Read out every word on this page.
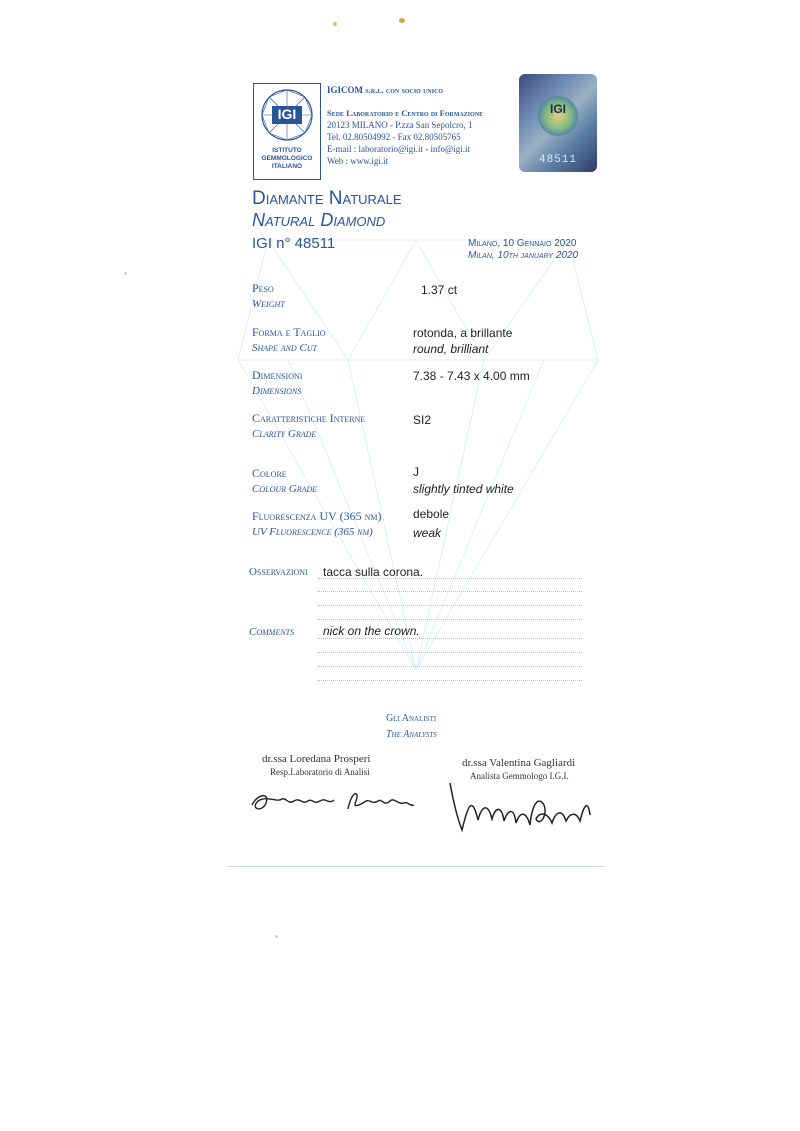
IGI
ISTITUTO
GEMMOLOGICO
ITALIANO
IGICOM s.r.l. con socio unico
Sede Laboratorio e Centro di Formazione
20123 MILANO - P.zza San Sepolcro, 1
Tel. 02.80504992 - Fax 02.80505765
E-mail : laboratorio@igi.it - info@igi.it
Web : www.igi.it
IGI
48511
Diamante Naturale
Natural Diamond
IGI n° 48511	Milano, 10 Gennaio 2020
Milan, 10th january 2020
Peso
Weight
1.37 ct
Forma e Taglio
Shape and Cut
rotonda, a brillante
round, brilliant
Dimensioni
Dimensions
7.38 - 7.43 x 4.00 mm
Caratteristiche Interne
Clarity Grade
SI2
Colore
Colour Grade
J
slightly tinted white
Fluorescenza UV (365 nm)
UV Fluorescence (365 nm)
debole
weak
Osservazioni tacca sulla corona.
Comments nick on the crown.
Gli Analisti
The Analysts
dr.ssa Loredana Prosperi
Resp.Laboratorio di Analisi
dr.ssa Valentina Gagliardi
Analista Gemmologo I.G.I.
